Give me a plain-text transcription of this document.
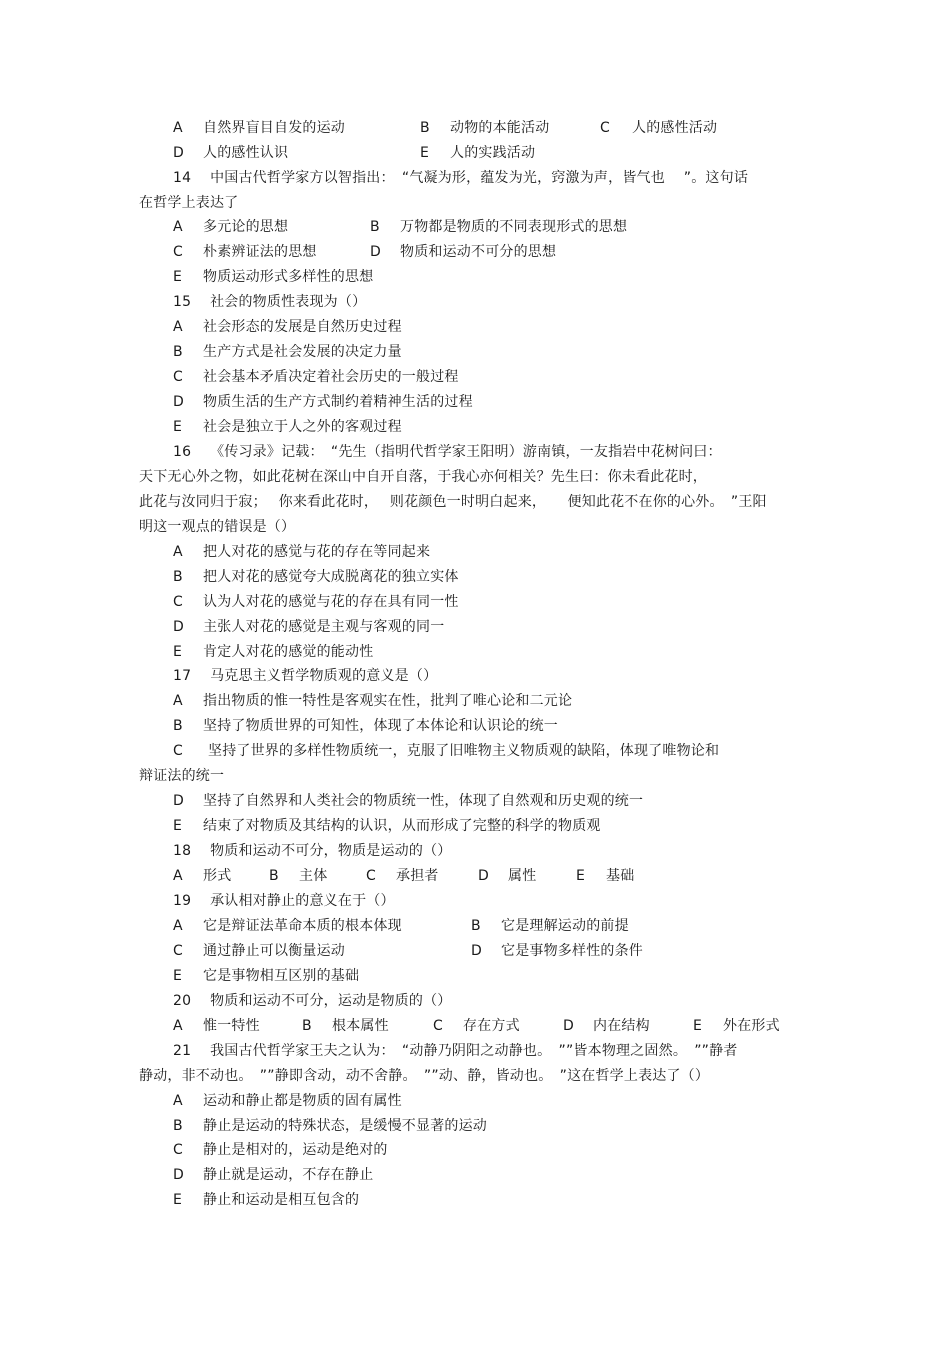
A 自然界盲目自发的运动	B 动物的本能活动	C 人的感性活动
D 人的感性认识	E 人的实践活动
14　 中国古代哲学家方以智指出：　“气凝为形，蕴发为光，窍激为声，皆气也　 ”。这句话
在哲学上表达了
A 多元论的思想	B 万物都是物质的不同表现形式的思想
C 朴素辨证法的思想	D 物质和运动不可分的思想
E 物质运动形式多样性的思想
15　 社会的物质性表现为（）
A 社会形态的发展是自然历史过程
B 生产方式是社会发展的决定力量
C 社会基本矛盾决定着社会历史的一般过程
D 物质生活的生产方式制约着精神生活的过程
E 社会是独立于人之外的客观过程
16　 《传习录》记载：　“先生（指明代哲学家王阳明）游南镇，一友指岩中花树问曰：
天下无心外之物，如此花树在深山中自开自落，于我心亦何相关？先生曰：你未看此花时，
此花与汝同归于寂；　 你来看此花时，　 则花颜色一时明白起来，　　便知此花不在你的心外。　”王阳
明这一观点的错误是（）
A 把人对花的感觉与花的存在等同起来
B 把人对花的感觉夸大成脱离花的独立实体
C 认为人对花的感觉与花的存在具有同一性
D 主张人对花的感觉是主观与客观的同一
E 肯定人对花的感觉的能动性
17　 马克思主义哲学物质观的意义是（）
A 指出物质的惟一特性是客观实在性，批判了唯心论和二元论
B 坚持了物质世界的可知性，体现了本体论和认识论的统一
C 坚持了世界的多样性物质统一，克服了旧唯物主义物质观的缺陷，体现了唯物论和
辩证法的统一
D 坚持了自然界和人类社会的物质统一性，体现了自然观和历史观的统一
E 结束了对物质及其结构的认识，从而形成了完整的科学的物质观
18　 物质和运动不可分，物质是运动的（）
A 形式	B 主体	C 承担者	D 属性	E 基础
19　 承认相对静止的意义在于（）
A 它是辩证法革命本质的根本体现	B 它是理解运动的前提
C 通过静止可以衡量运动	D 它是事物多样性的条件
E 它是事物相互区别的基础
20　 物质和运动不可分，运动是物质的（）
A 惟一特性	B 根本属性	C 存在方式	D 内在结构	E 外在形式
21　 我国古代哲学家王夫之认为：　“动静乃阴阳之动静也。　””皆本物理之固然。　””静者
静动，非不动也。　””静即含动，动不舍静。　””动、静，皆动也。　”这在哲学上表达了（）
A 运动和静止都是物质的固有属性
B 静止是运动的特殊状态，是缓慢不显著的运动
C 静止是相对的，运动是绝对的
D 静止就是运动，不存在静止
E 静止和运动是相互包含的
